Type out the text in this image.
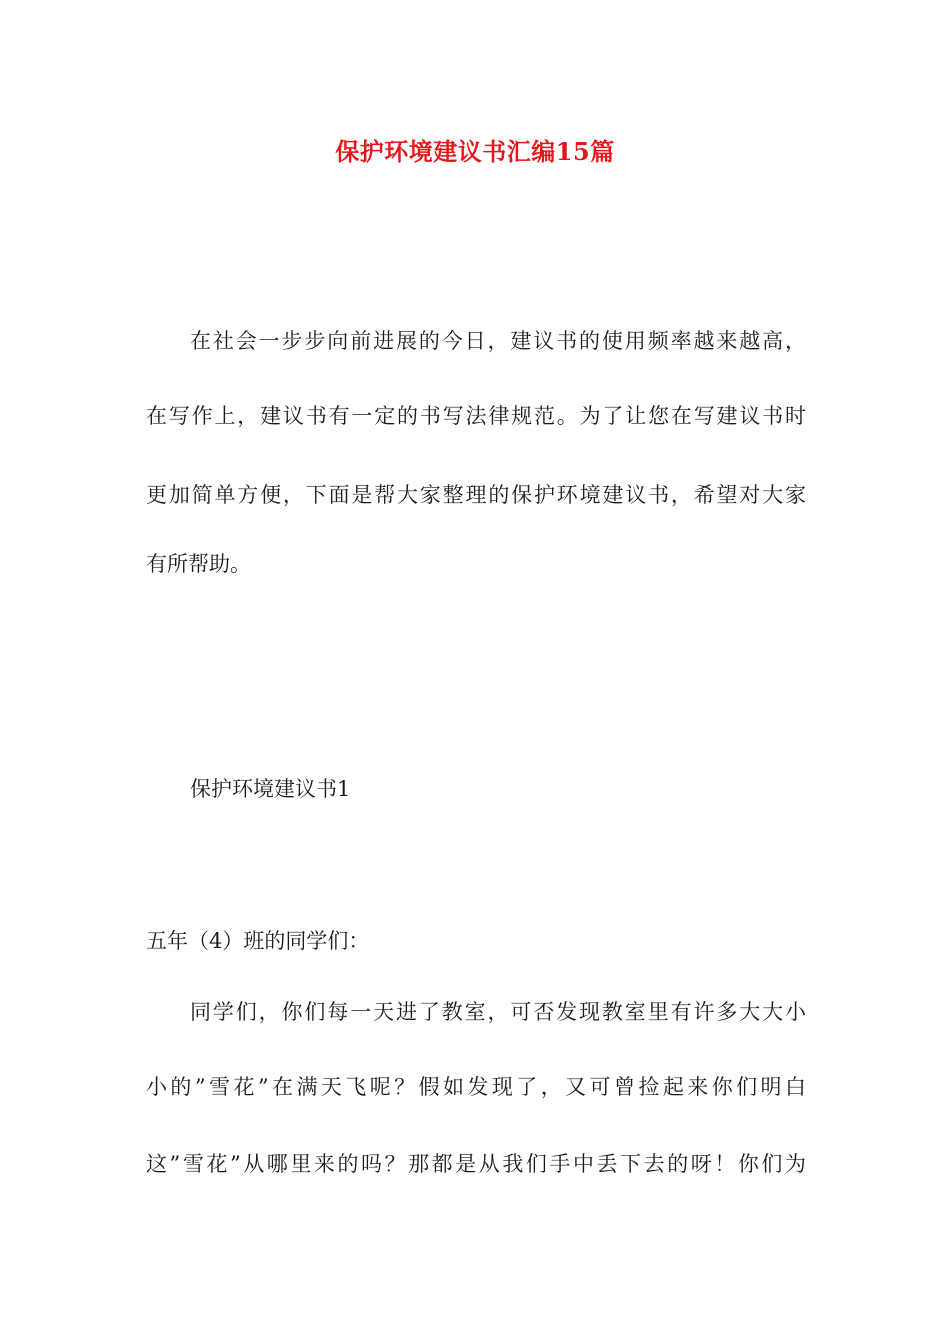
保护环境建议书汇编15篇
在社会一步步向前进展的今日，建议书的使用频率越来越高，
在写作上，建议书有一定的书写法律规范。为了让您在写建议书时
更加简单方便，下面是帮大家整理的保护环境建议书，希望对大家
有所帮助。
保护环境建议书1
五年（4）班的同学们：
同学们，你们每一天进了教室，可否发现教室里有许多大大小
小的”雪花”在满天飞呢？假如发现了，又可曾捡起来你们明白
这”雪花”从哪里来的吗？那都是从我们手中丢下去的呀！你们为
